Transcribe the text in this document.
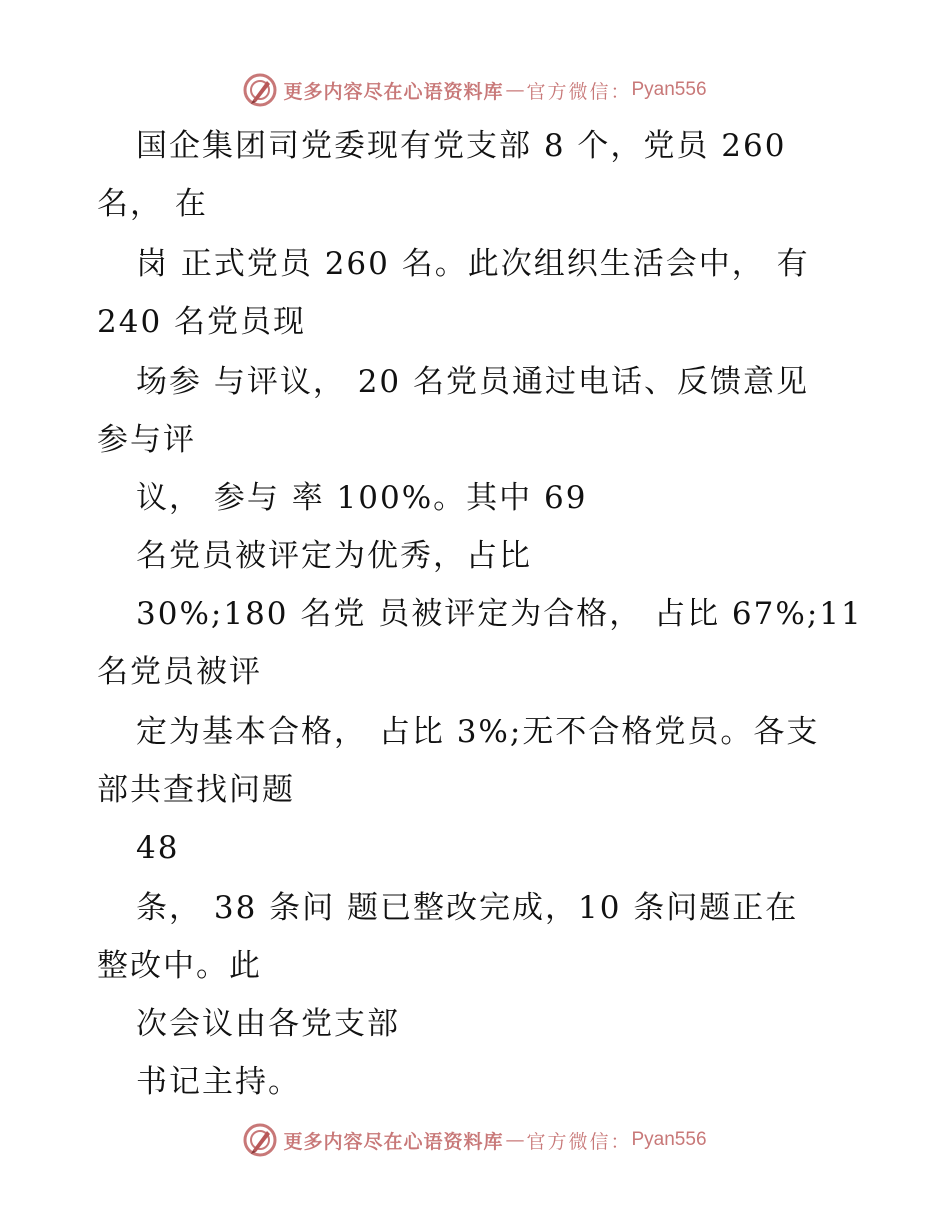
更多内容尽在心语资料库 — 官方微信： Pyan556
国企集团司党委现有党支部 8 个，党员 260
名， 在
岗 正式党员 260 名。此次组织生活会中， 有
240 名党员现
场参 与评议， 20 名党员通过电话、反馈意见
参与评
议， 参与 率 100%。其中 69
名党员被评定为优秀，占比
30%;180 名党 员被评定为合格， 占比 67%;11
名党员被评
定为基本合格， 占比 3%;无不合格党员。各支
部共查找问题
48
条， 38 条问 题已整改完成，10 条问题正在
整改中。此
次会议由各党支部
书记主持。
更多内容尽在心语资料库 — 官方微信： Pyan556
